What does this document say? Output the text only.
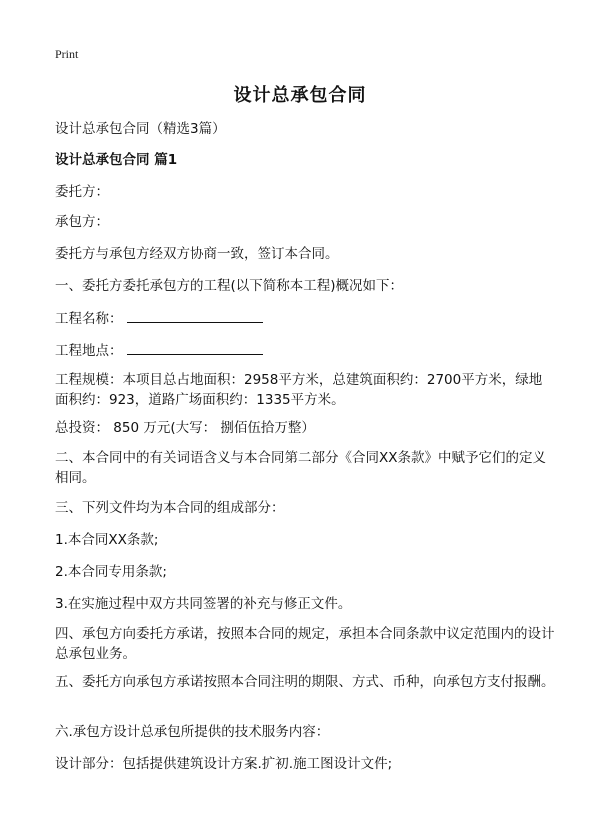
Print
设计总承包合同
设计总承包合同（精选3篇）
设计总承包合同 篇1
委托方：
承包方：
委托方与承包方经双方协商一致，签订本合同。
一、委托方委托承包方的工程(以下简称本工程)概况如下：
工程名称：
工程地点：
工程规模：本项目总占地面积：2958平方米，总建筑面积约：2700平方米，绿地面积约：923，道路广场面积约：1335平方米。
总投资： 850 万元(大写： 捌佰伍拾万整）
二、本合同中的有关词语含义与本合同第二部分《合同XX条款》中赋予它们的定义相同。
三、下列文件均为本合同的组成部分：
1.本合同XX条款;
2.本合同专用条款;
3.在实施过程中双方共同签署的补充与修正文件。
四、承包方向委托方承诺，按照本合同的规定，承担本合同条款中议定范围内的设计总承包业务。
五、委托方向承包方承诺按照本合同注明的期限、方式、币种，向承包方支付报酬。
六.承包方设计总承包所提供的技术服务内容：
设计部分：包括提供建筑设计方案.扩初.施工图设计文件;
